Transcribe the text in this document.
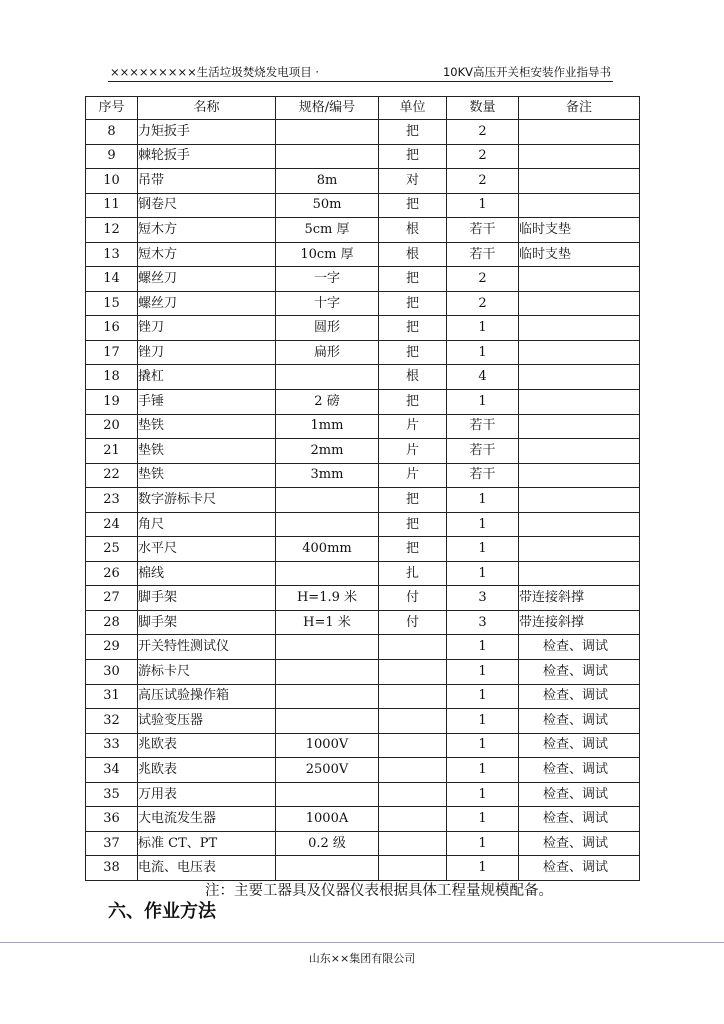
×××××××××生活垃圾焚烧发电项目 ·	10KV高压开关柜安装作业指导书
序号	名称	规格/编号	单位	数量	备注
8	力矩扳手		把	2	
9	棘轮扳手		把	2	
10	吊带	8m	对	2	
11	钢卷尺	50m	把	1	
12	短木方	5cm 厚	根	若干	临时支垫
13	短木方	10cm 厚	根	若干	临时支垫
14	螺丝刀	一字	把	2	
15	螺丝刀	十字	把	2	
16	锉刀	圆形	把	1	
17	锉刀	扁形	把	1	
18	撬杠		根	4	
19	手锤	2 磅	把	1	
20	垫铁	1mm	片	若干	
21	垫铁	2mm	片	若干	
22	垫铁	3mm	片	若干	
23	数字游标卡尺		把	1	
24	角尺		把	1	
25	水平尺	400mm	把	1	
26	棉线		扎	1	
27	脚手架	H=1.9 米	付	3	带连接斜撑
28	脚手架	H=1 米	付	3	带连接斜撑
29	开关特性测试仪			1	检查、调试
30	游标卡尺			1	检查、调试
31	高压试验操作箱			1	检查、调试
32	试验变压器			1	检查、调试
33	兆欧表	1000V		1	检查、调试
34	兆欧表	2500V		1	检查、调试
35	万用表			1	检查、调试
36	大电流发生器	1000A		1	检查、调试
37	标准 CT、PT	0.2 级		1	检查、调试
38	电流、电压表			1	检查、调试
注：主要工器具及仪器仪表根据具体工程量规模配备。
六、作业方法
山东××集团有限公司
